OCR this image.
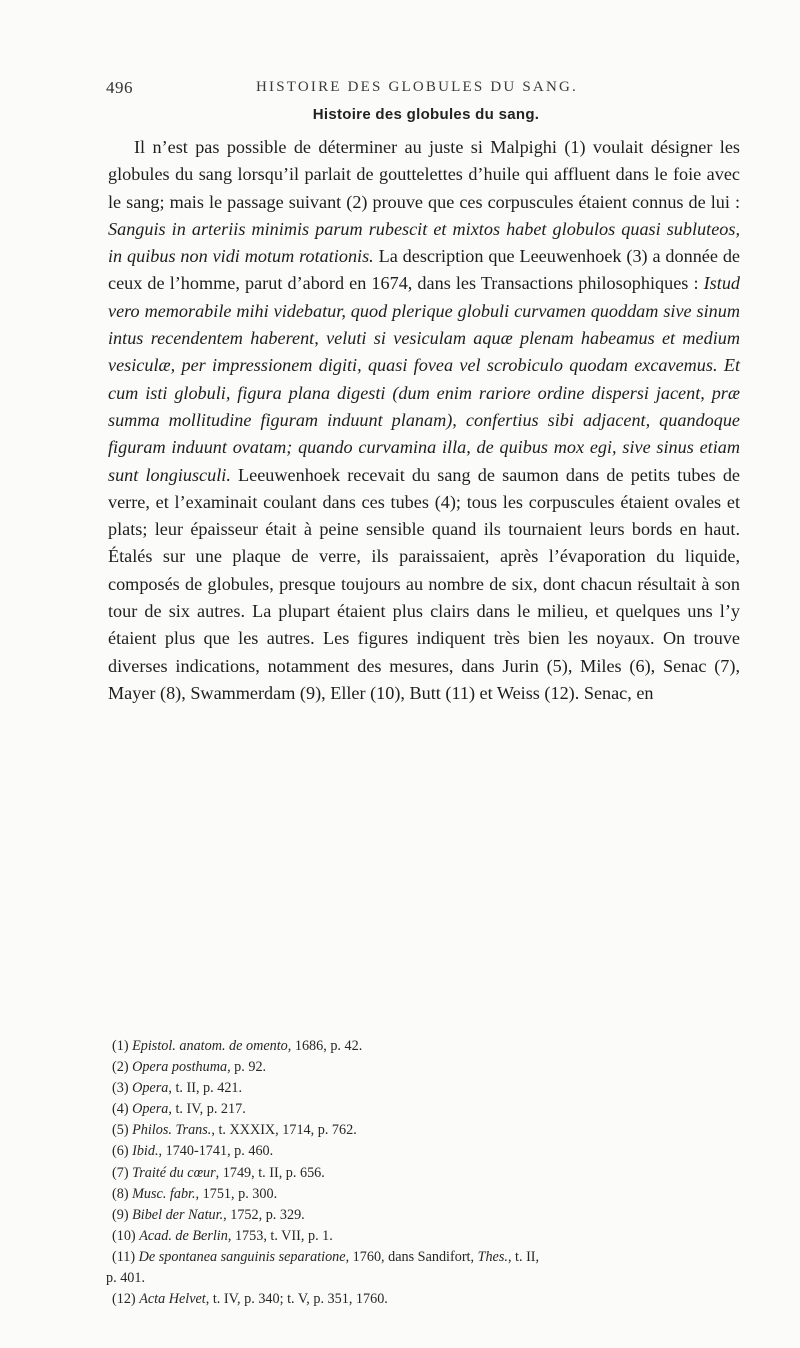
496	HISTOIRE DES GLOBULES DU SANG.
Histoire des globules du sang.

Il n’est pas possible de déterminer au juste si Malpighi (1) voulait désigner les globules du sang lorsqu’il parlait de gouttelettes d’huile qui affluent dans le foie avec le sang; mais le passage suivant (2) prouve que ces corpuscules étaient connus de lui : Sanguis in arteriis minimis parum rubescit et mixtos habet globulos quasi subluteos, in quibus non vidi motum rotationis. La description que Leeuwenhoek (3) a donnée de ceux de l’homme, parut d’abord en 1674, dans les Transactions philosophiques : Istud vero memorabile mihi videbatur, quod plerique globuli curvamen quoddam sive sinum intus recendentem haberent, veluti si vesiculam aquæ plenam habeamus et medium vesiculæ, per impressionem digiti, quasi fovea vel scrobiculo quodam excavemus. Et cum isti globuli, figura plana digesti (dum enim rariore ordine dispersi jacent, præ summa mollitudine figuram induunt planam), confertius sibi adjacent, quandoque figuram induunt ovatam; quando curvamina illa, de quibus mox egi, sive sinus etiam sunt longiusculi. Leeuwenhoek recevait du sang de saumon dans de petits tubes de verre, et l’examinait coulant dans ces tubes (4); tous les corpuscules étaient ovales et plats; leur épaisseur était à peine sensible quand ils tournaient leurs bords en haut. Étalés sur une plaque de verre, ils paraissaient, après l’évaporation du liquide, composés de globules, presque toujours au nombre de six, dont chacun résultait à son tour de six autres. La plupart étaient plus clairs dans le milieu, et quelques uns l’y étaient plus que les autres. Les figures indiquent très bien les noyaux. On trouve diverses indications, notamment des mesures, dans Jurin (5), Miles (6), Senac (7), Mayer (8), Swammerdam (9), Eller (10), Butt (11) et Weiss (12). Senac, en

(1) Epistol. anatom. de omento, 1686, p. 42.
(2) Opera posthuma, p. 92.
(3) Opera, t. II, p. 421.
(4) Opera, t. IV, p. 217.
(5) Philos. Trans., t. XXXIX, 1714, p. 762.
(6) Ibid., 1740-1741, p. 460.
(7) Traité du cœur, 1749, t. II, p. 656.
(8) Musc. fabr., 1751, p. 300.
(9) Bibel der Natur., 1752, p. 329.
(10) Acad. de Berlin, 1753, t. VII, p. 1.
(11) De spontanea sanguinis separatione, 1760, dans Sandifort, Thes., t. II,
p. 401.
(12) Acta Helvet, t. IV, p. 340; t. V, p. 351, 1760.
